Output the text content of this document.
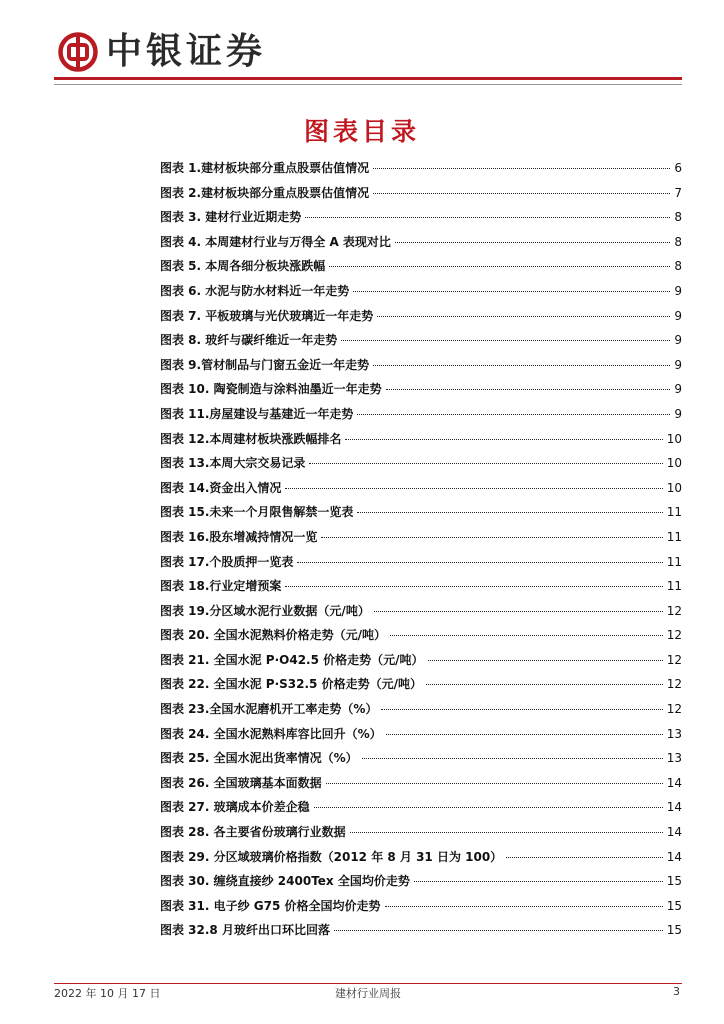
中银证券
图表目录
图表 1.建材板块部分重点股票估值情况	6
图表 2.建材板块部分重点股票估值情况	7
图表 3. 建材行业近期走势	8
图表 4. 本周建材行业与万得全 A 表现对比	8
图表 5. 本周各细分板块涨跌幅	8
图表 6. 水泥与防水材料近一年走势	9
图表 7. 平板玻璃与光伏玻璃近一年走势	9
图表 8. 玻纤与碳纤维近一年走势	9
图表 9.管材制品与门窗五金近一年走势	9
图表 10. 陶瓷制造与涂料油墨近一年走势	9
图表 11.房屋建设与基建近一年走势	9
图表 12.本周建材板块涨跌幅排名	10
图表 13.本周大宗交易记录	10
图表 14.资金出入情况	10
图表 15.未来一个月限售解禁一览表	11
图表 16.股东增减持情况一览	11
图表 17.个股质押一览表	11
图表 18.行业定增预案	11
图表 19.分区域水泥行业数据（元/吨）	12
图表 20. 全国水泥熟料价格走势（元/吨）	12
图表 21. 全国水泥 P·O42.5 价格走势（元/吨）	12
图表 22. 全国水泥 P·S32.5 价格走势（元/吨）	12
图表 23.全国水泥磨机开工率走势（%）	12
图表 24. 全国水泥熟料库容比回升（%）	13
图表 25. 全国水泥出货率情况（%）	13
图表 26. 全国玻璃基本面数据	14
图表 27. 玻璃成本价差企稳	14
图表 28. 各主要省份玻璃行业数据	14
图表 29. 分区域玻璃价格指数（2012 年 8 月 31 日为 100）	14
图表 30. 缠绕直接纱 2400Tex 全国均价走势	15
图表 31. 电子纱 G75 价格全国均价走势	15
图表 32.8 月玻纤出口环比回落	15
2022 年 10 月 17 日	建材行业周报	3
